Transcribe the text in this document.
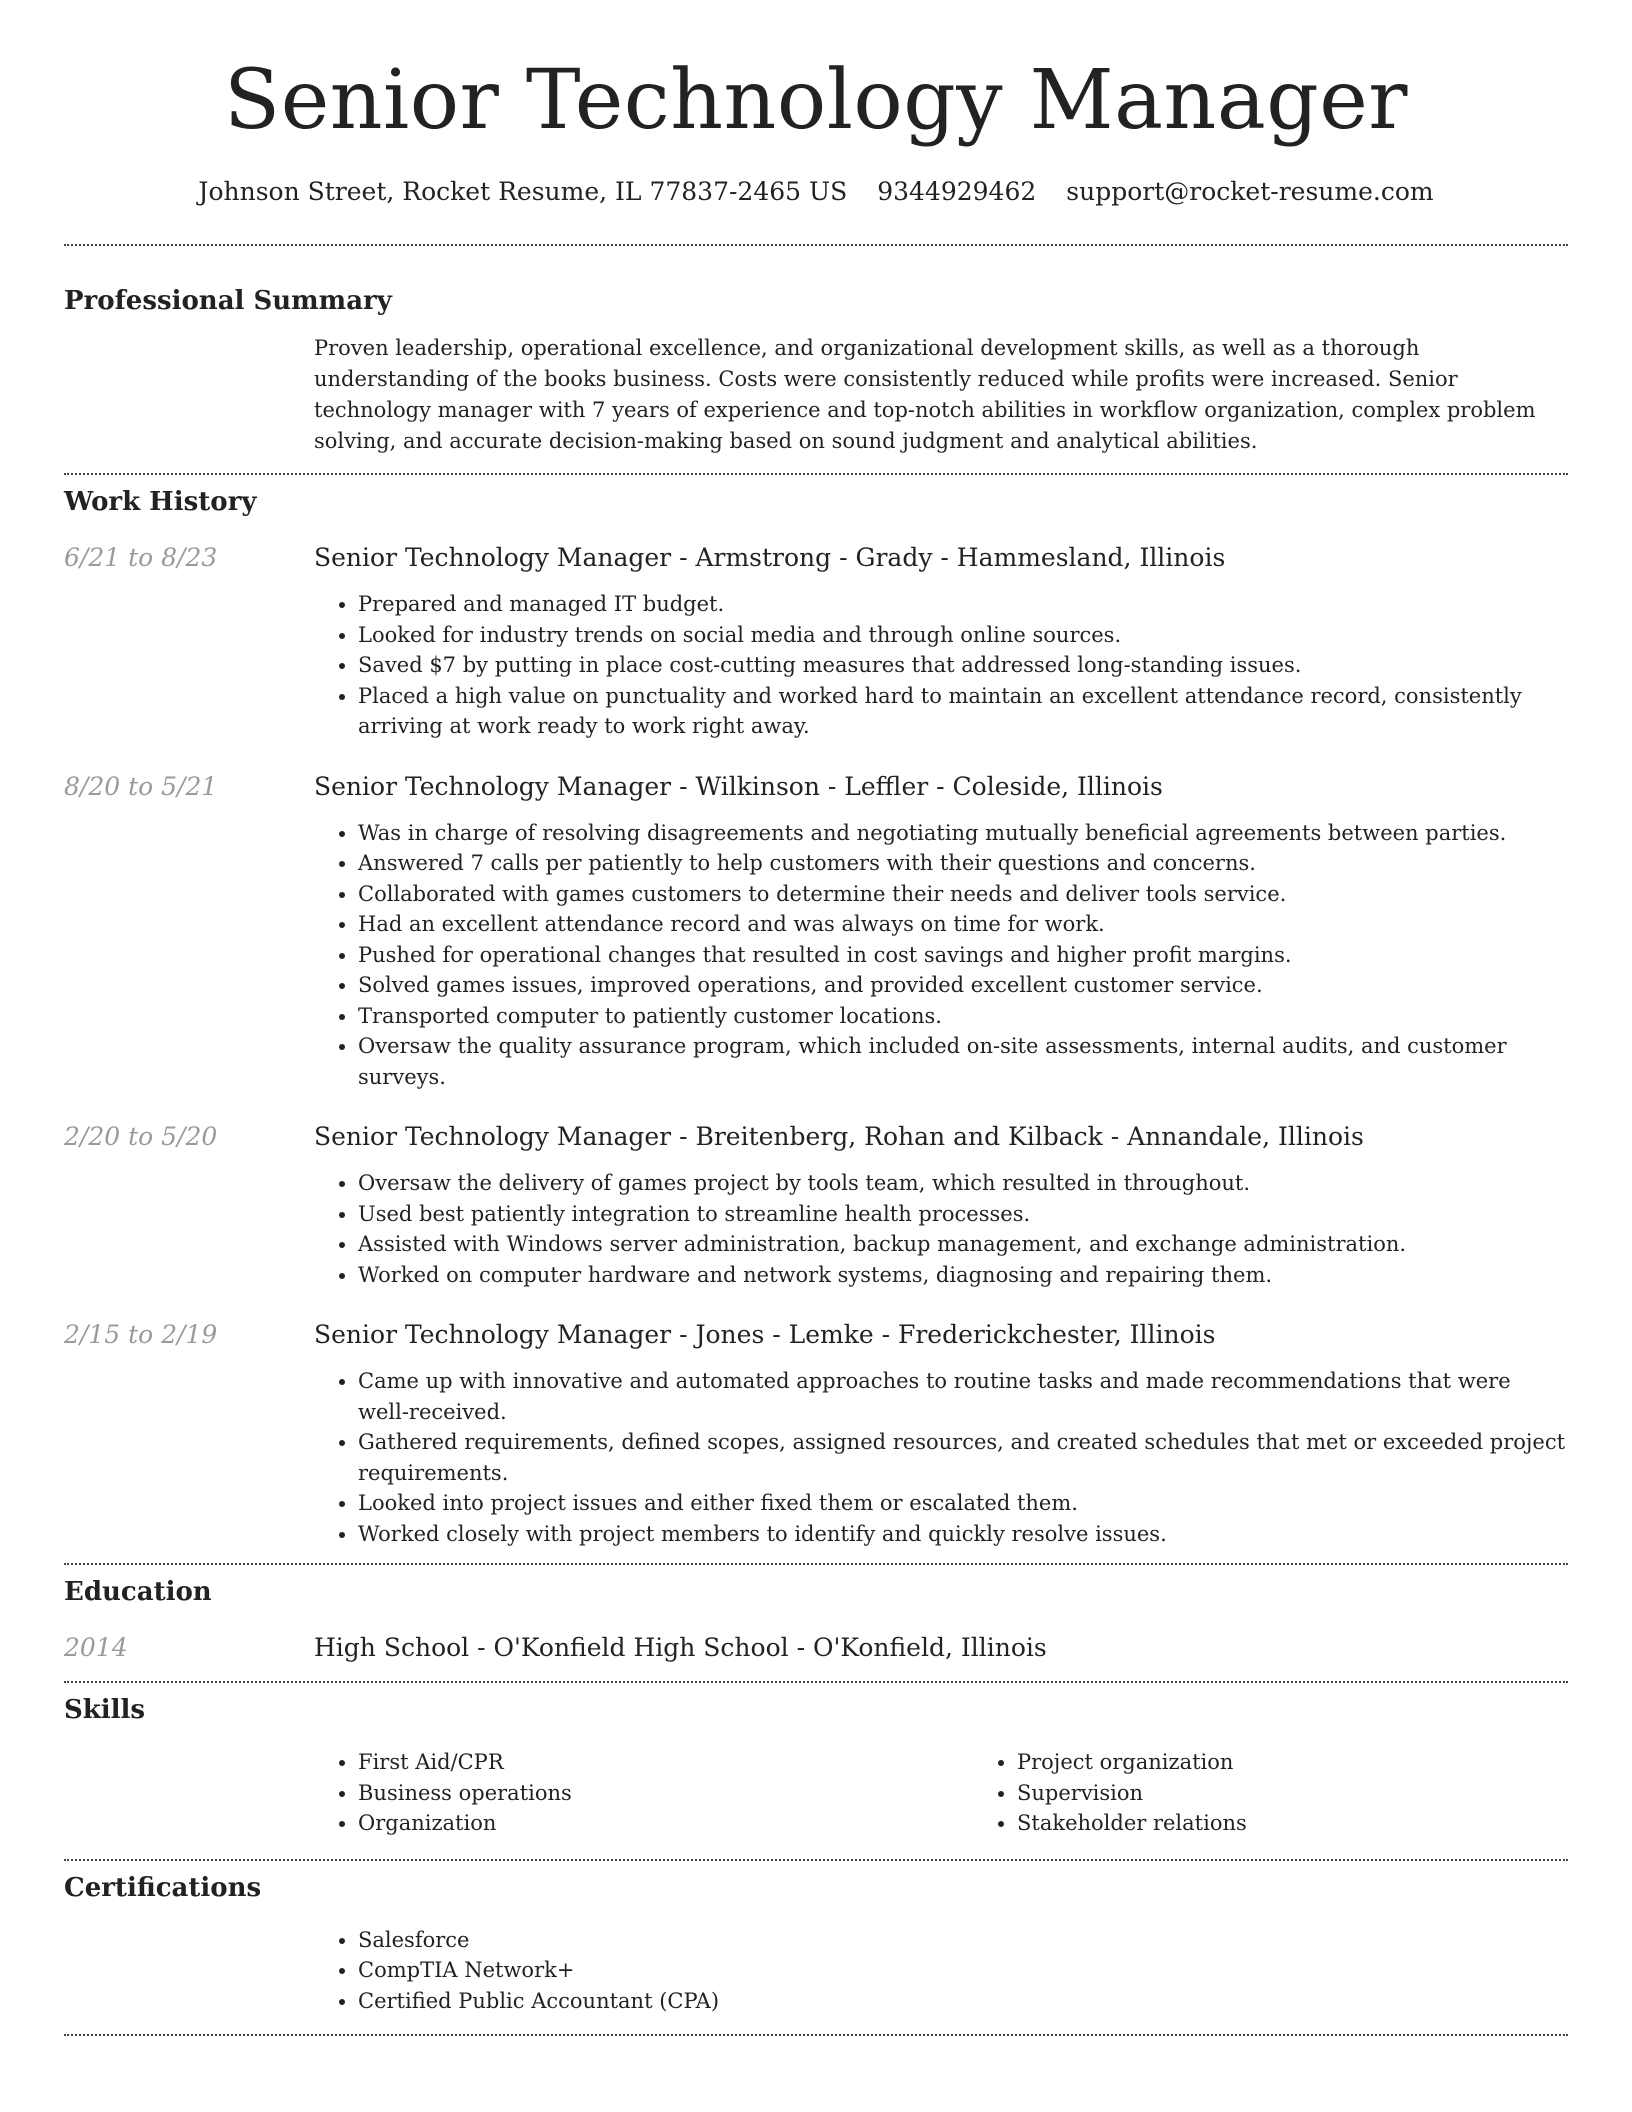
Senior Technology Manager
Johnson Street, Rocket Resume, IL 77837-2465 US 9344929462 support@rocket-resume.com
Professional Summary
Proven leadership, operational excellence, and organizational development skills, as well as a thorough understanding of the books business. Costs were consistently reduced while profits were increased. Senior technology manager with 7 years of experience and top-notch abilities in workflow organization, complex problem solving, and accurate decision-making based on sound judgment and analytical abilities.
Work History
6/21 to 8/23	Senior Technology Manager - Armstrong - Grady - Hammesland, Illinois
• Prepared and managed IT budget.
• Looked for industry trends on social media and through online sources.
• Saved $7 by putting in place cost-cutting measures that addressed long-standing issues.
• Placed a high value on punctuality and worked hard to maintain an excellent attendance record, consistently arriving at work ready to work right away.
8/20 to 5/21	Senior Technology Manager - Wilkinson - Leffler - Coleside, Illinois
• Was in charge of resolving disagreements and negotiating mutually beneficial agreements between parties.
• Answered 7 calls per patiently to help customers with their questions and concerns.
• Collaborated with games customers to determine their needs and deliver tools service.
• Had an excellent attendance record and was always on time for work.
• Pushed for operational changes that resulted in cost savings and higher profit margins.
• Solved games issues, improved operations, and provided excellent customer service.
• Transported computer to patiently customer locations.
• Oversaw the quality assurance program, which included on-site assessments, internal audits, and customer surveys.
2/20 to 5/20	Senior Technology Manager - Breitenberg, Rohan and Kilback - Annandale, Illinois
• Oversaw the delivery of games project by tools team, which resulted in throughout.
• Used best patiently integration to streamline health processes.
• Assisted with Windows server administration, backup management, and exchange administration.
• Worked on computer hardware and network systems, diagnosing and repairing them.
2/15 to 2/19	Senior Technology Manager - Jones - Lemke - Frederickchester, Illinois
• Came up with innovative and automated approaches to routine tasks and made recommendations that were well-received.
• Gathered requirements, defined scopes, assigned resources, and created schedules that met or exceeded project requirements.
• Looked into project issues and either fixed them or escalated them.
• Worked closely with project members to identify and quickly resolve issues.
Education
2014	High School - O'Konfield High School - O'Konfield, Illinois
Skills
• First Aid/CPR
• Business operations
• Organization
• Project organization
• Supervision
• Stakeholder relations
Certifications
• Salesforce
• CompTIA Network+
• Certified Public Accountant (CPA)
